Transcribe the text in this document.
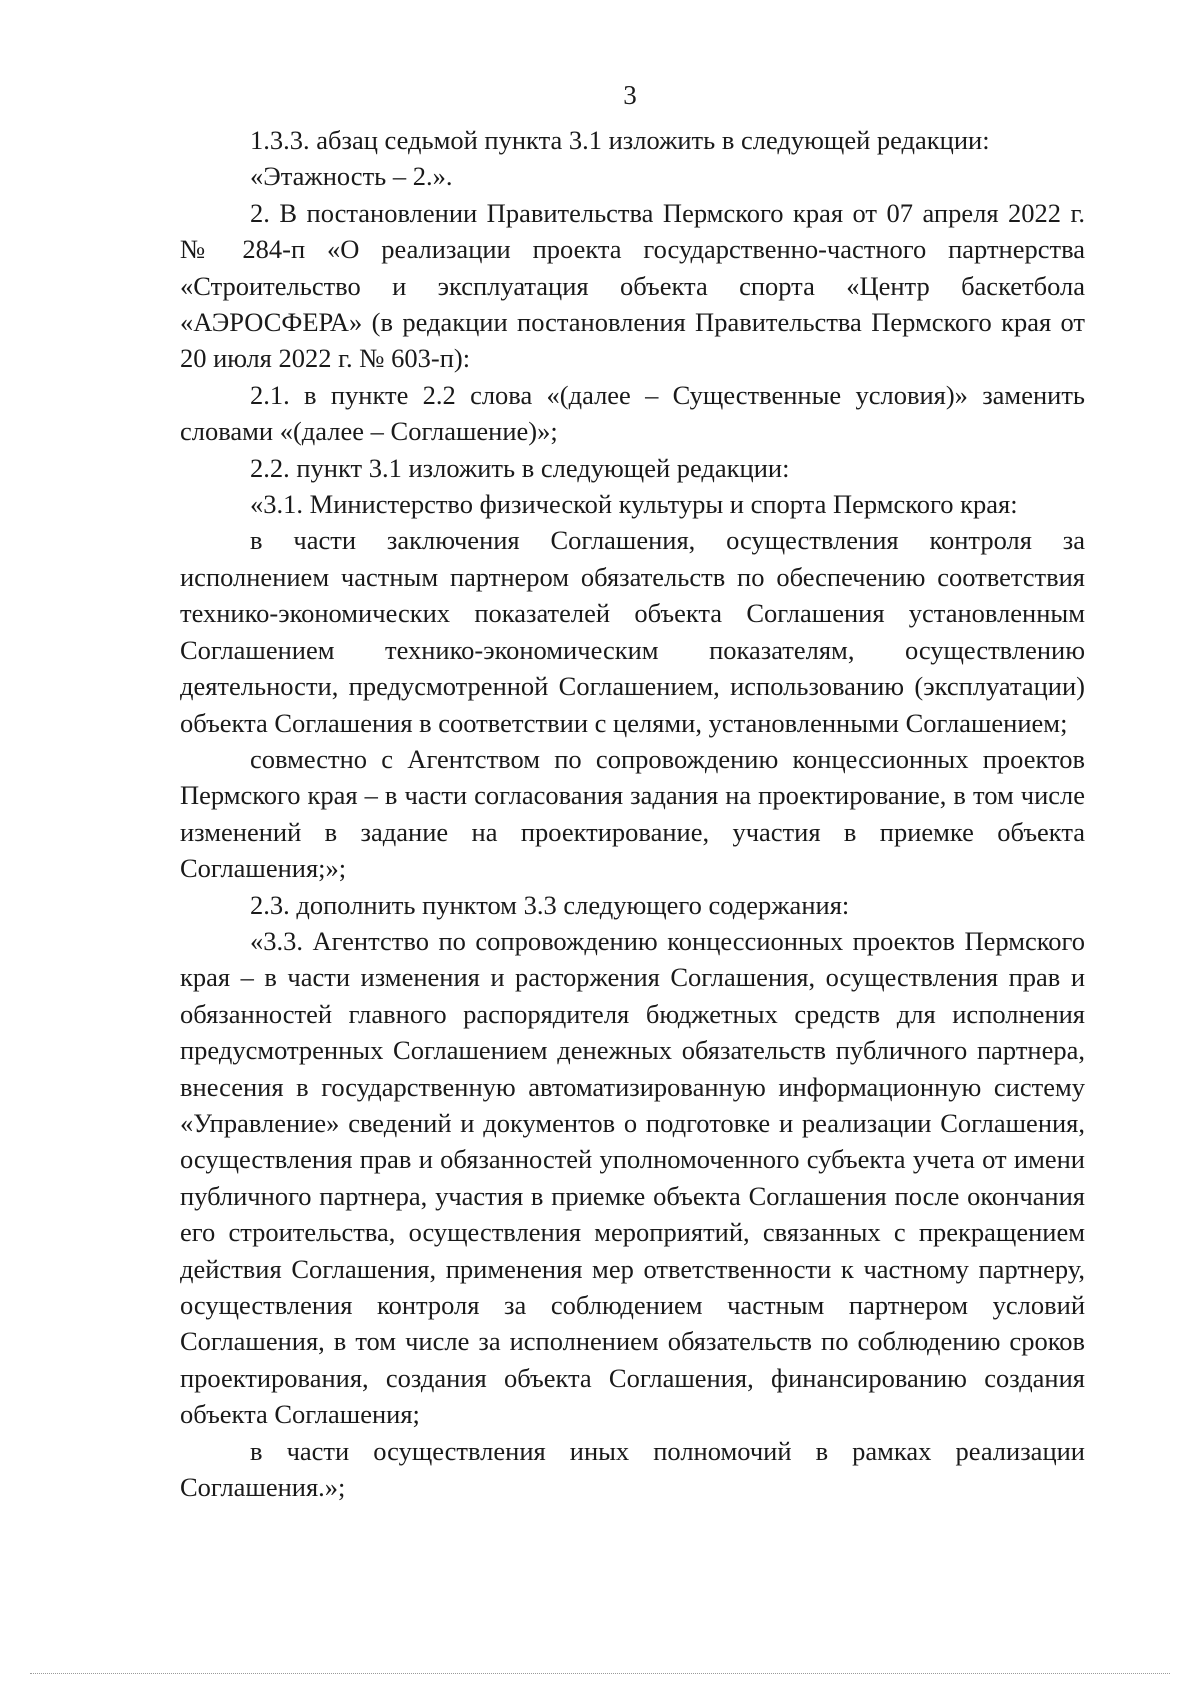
3

1.3.3. абзац седьмой пункта 3.1 изложить в следующей редакции:

«Этажность – 2.».

2. В постановлении Правительства Пермского края от 07 апреля 2022 г. № 284-п «О реализации проекта государственно-частного партнерства «Строительство и эксплуатация объекта спорта «Центр баскетбола «АЭРОСФЕРА» (в редакции постановления Правительства Пермского края от 20 июля 2022 г. № 603-п):

2.1. в пункте 2.2 слова «(далее – Существенные условия)» заменить словами «(далее – Соглашение)»;

2.2. пункт 3.1 изложить в следующей редакции:

«3.1. Министерство физической культуры и спорта Пермского края:

в части заключения Соглашения, осуществления контроля за исполнением частным партнером обязательств по обеспечению соответствия технико-экономических показателей объекта Соглашения установленным Соглашением технико-экономическим показателям, осуществлению деятельности, предусмотренной Соглашением, использованию (эксплуатации) объекта Соглашения в соответствии с целями, установленными Соглашением;

совместно с Агентством по сопровождению концессионных проектов Пермского края – в части согласования задания на проектирование, в том числе изменений в задание на проектирование, участия в приемке объекта Соглашения;»;

2.3. дополнить пунктом 3.3 следующего содержания:

«3.3. Агентство по сопровождению концессионных проектов Пермского края – в части изменения и расторжения Соглашения, осуществления прав и обязанностей главного распорядителя бюджетных средств для исполнения предусмотренных Соглашением денежных обязательств публичного партнера, внесения в государственную автоматизированную информационную систему «Управление» сведений и документов о подготовке и реализации Соглашения, осуществления прав и обязанностей уполномоченного субъекта учета от имени публичного партнера, участия в приемке объекта Соглашения после окончания его строительства, осуществления мероприятий, связанных с прекращением действия Соглашения, применения мер ответственности к частному партнеру, осуществления контроля за соблюдением частным партнером условий Соглашения, в том числе за исполнением обязательств по соблюдению сроков проектирования, создания объекта Соглашения, финансированию создания объекта Соглашения;

в части осуществления иных полномочий в рамках реализации Соглашения.»;
